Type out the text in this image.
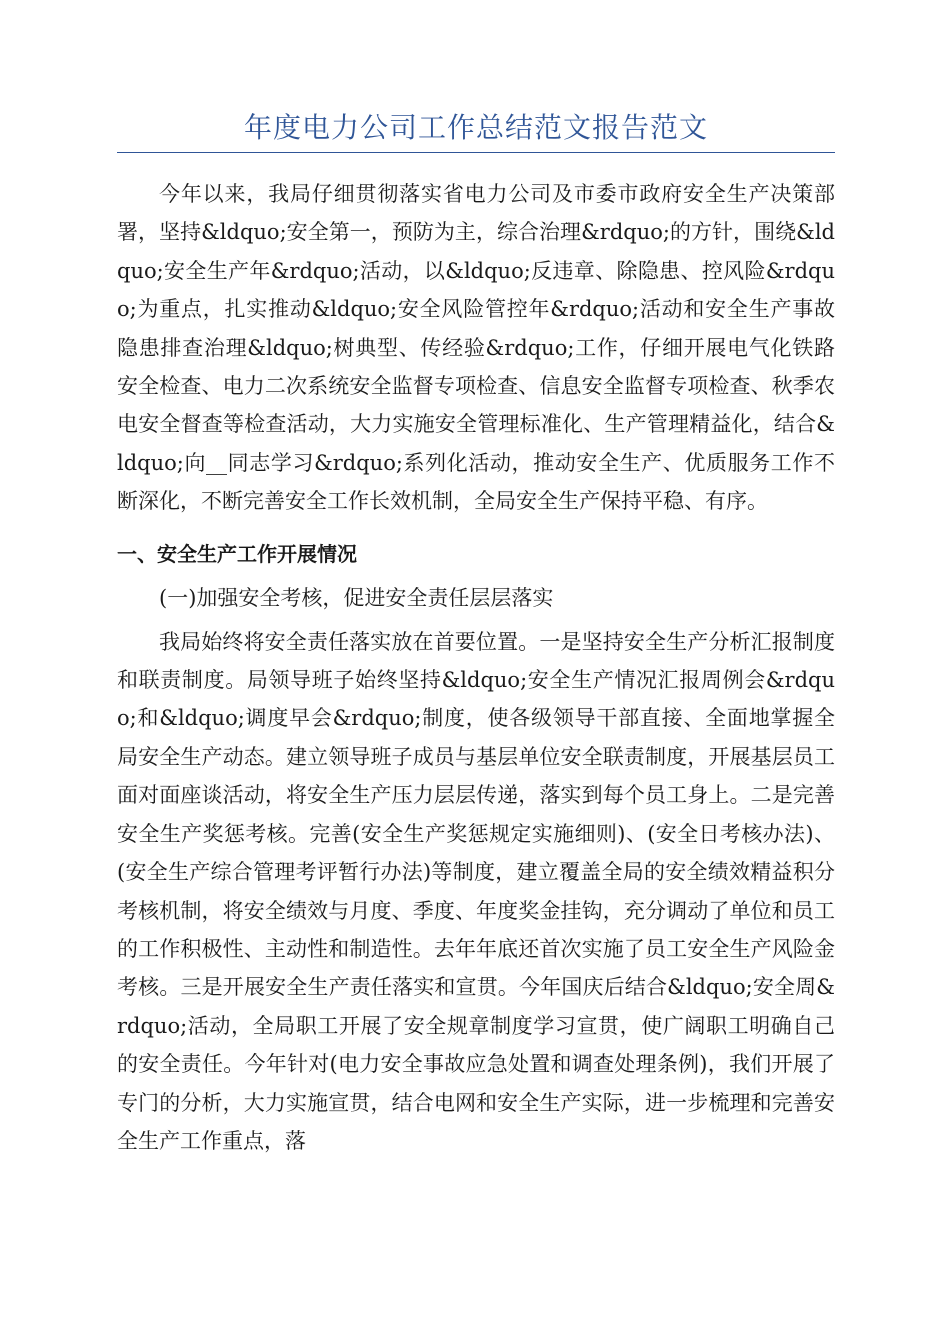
年度电力公司工作总结范文报告范文

今年以来，我局仔细贯彻落实省电力公司及市委市政府安全生产决策部署，坚持&ldquo;安全第一，预防为主，综合治理&rdquo;的方针，围绕&ldquo;安全生产年&rdquo;活动，以&ldquo;反违章、除隐患、控风险&rdquo;为重点，扎实推动&ldquo;安全风险管控年&rdquo;活动和安全生产事故隐患排查治理&ldquo;树典型、传经验&rdquo;工作，仔细开展电气化铁路安全检查、电力二次系统安全监督专项检查、信息安全监督专项检查、秋季农电安全督查等检查活动，大力实施安全管理标准化、生产管理精益化，结合&ldquo;向__同志学习&rdquo;系列化活动，推动安全生产、优质服务工作不断深化，不断完善安全工作长效机制，全局安全生产保持平稳、有序。

一、安全生产工作开展情况
(一)加强安全考核，促进安全责任层层落实

我局始终将安全责任落实放在首要位置。一是坚持安全生产分析汇报制度和联责制度。局领导班子始终坚持&ldquo;安全生产情况汇报周例会&rdquo;和&ldquo;调度早会&rdquo;制度，使各级领导干部直接、全面地掌握全局安全生产动态。建立领导班子成员与基层单位安全联责制度，开展基层员工面对面座谈活动，将安全生产压力层层传递，落实到每个员工身上。二是完善安全生产奖惩考核。完善(安全生产奖惩规定实施细则)、(安全日考核办法)、(安全生产综合管理考评暂行办法)等制度，建立覆盖全局的安全绩效精益积分考核机制，将安全绩效与月度、季度、年度奖金挂钩，充分调动了单位和员工的工作积极性、主动性和制造性。去年年底还首次实施了员工安全生产风险金考核。三是开展安全生产责任落实和宣贯。今年国庆后结合&ldquo;安全周&rdquo;活动，全局职工开展了安全规章制度学习宣贯，使广阔职工明确自己的安全责任。今年针对(电力安全事故应急处置和调查处理条例)，我们开展了专门的分析，大力实施宣贯，结合电网和安全生产实际，进一步梳理和完善安全生产工作重点，落
